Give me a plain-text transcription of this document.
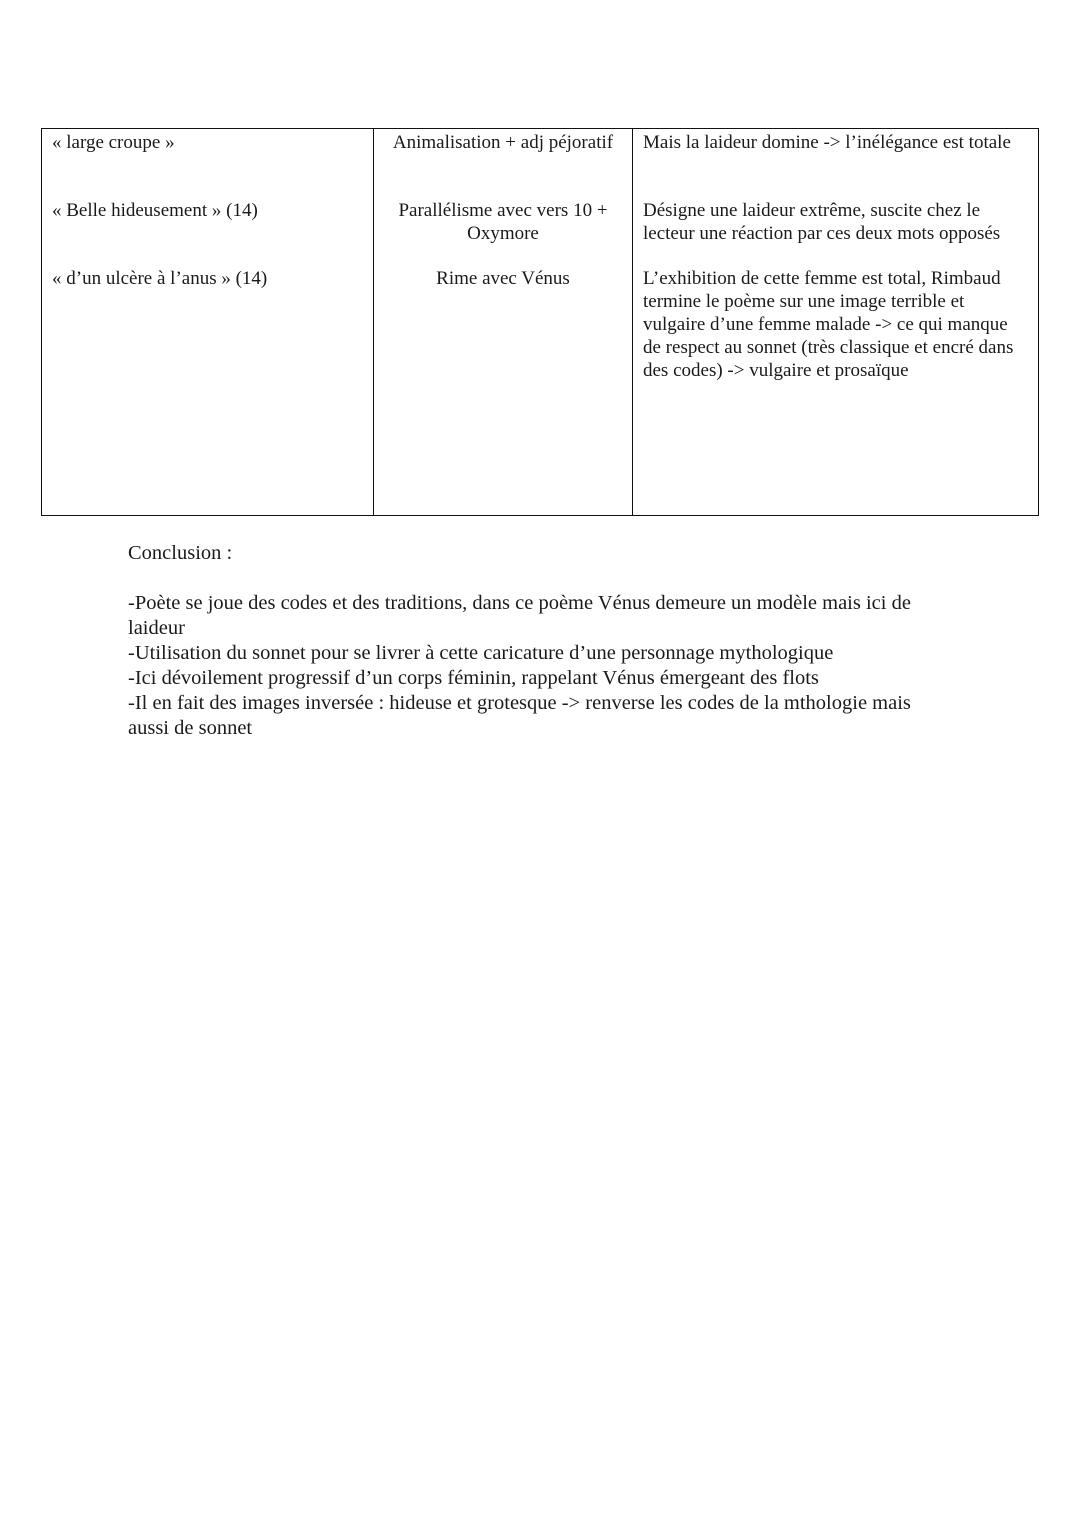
« large croupe »
« Belle hideusement » (14)
« d’un ulcère à l’anus » (14)
Animalisation + adj péjoratif
Parallélisme avec vers 10 + Oxymore
Rime avec Vénus
Mais la laideur domine -> l’inélégance est totale
Désigne une laideur extrême, suscite chez le lecteur une réaction par ces deux mots opposés
L’exhibition de cette femme est total, Rimbaud termine le poème sur une image terrible et vulgaire d’une femme malade -> ce qui manque de respect au sonnet (très classique et encré dans des codes) -> vulgaire et prosaïque

Conclusion :

-Poète se joue des codes et des traditions, dans ce poème Vénus demeure un modèle mais ici de laideur

-Utilisation du sonnet pour se livrer à cette caricature d’une personnage mythologique

-Ici dévoilement progressif d’un corps féminin, rappelant Vénus émergeant des flots

-Il en fait des images inversée : hideuse et grotesque -> renverse les codes de la mthologie mais aussi de sonnet
